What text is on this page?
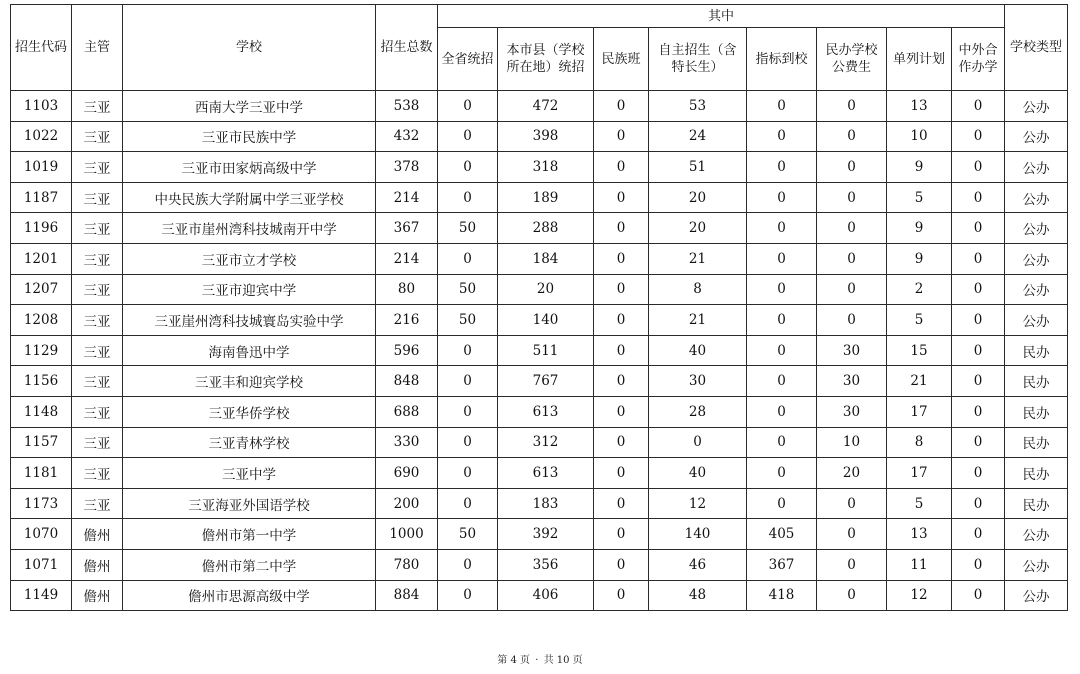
招生代码	主管	学校	招生总数	其中								学校类型
				全省统招	本市县（学校所在地）统招	民族班	自主招生（含特长生）	指标到校	民办学校公费生	单列计划	中外合作办学	
1103	三亚	西南大学三亚中学	538	0	472	0	53	0	0	13	0	公办
1022	三亚	三亚市民族中学	432	0	398	0	24	0	0	10	0	公办
1019	三亚	三亚市田家炳高级中学	378	0	318	0	51	0	0	9	0	公办
1187	三亚	中央民族大学附属中学三亚学校	214	0	189	0	20	0	0	5	0	公办
1196	三亚	三亚市崖州湾科技城南开中学	367	50	288	0	20	0	0	9	0	公办
1201	三亚	三亚市立才学校	214	0	184	0	21	0	0	9	0	公办
1207	三亚	三亚市迎宾中学	80	50	20	0	8	0	0	2	0	公办
1208	三亚	三亚崖州湾科技城寰岛实验中学	216	50	140	0	21	0	0	5	0	公办
1129	三亚	海南鲁迅中学	596	0	511	0	40	0	30	15	0	民办
1156	三亚	三亚丰和迎宾学校	848	0	767	0	30	0	30	21	0	民办
1148	三亚	三亚华侨学校	688	0	613	0	28	0	30	17	0	民办
1157	三亚	三亚青林学校	330	0	312	0	0	0	10	8	0	民办
1181	三亚	三亚中学	690	0	613	0	40	0	20	17	0	民办
1173	三亚	三亚海亚外国语学校	200	0	183	0	12	0	0	5	0	民办
1070	儋州	儋州市第一中学	1000	50	392	0	140	405	0	13	0	公办
1071	儋州	儋州市第二中学	780	0	356	0	46	367	0	11	0	公办
1149	儋州	儋州市思源高级中学	884	0	406	0	48	418	0	12	0	公办
第 4 页 · 共 10 页
